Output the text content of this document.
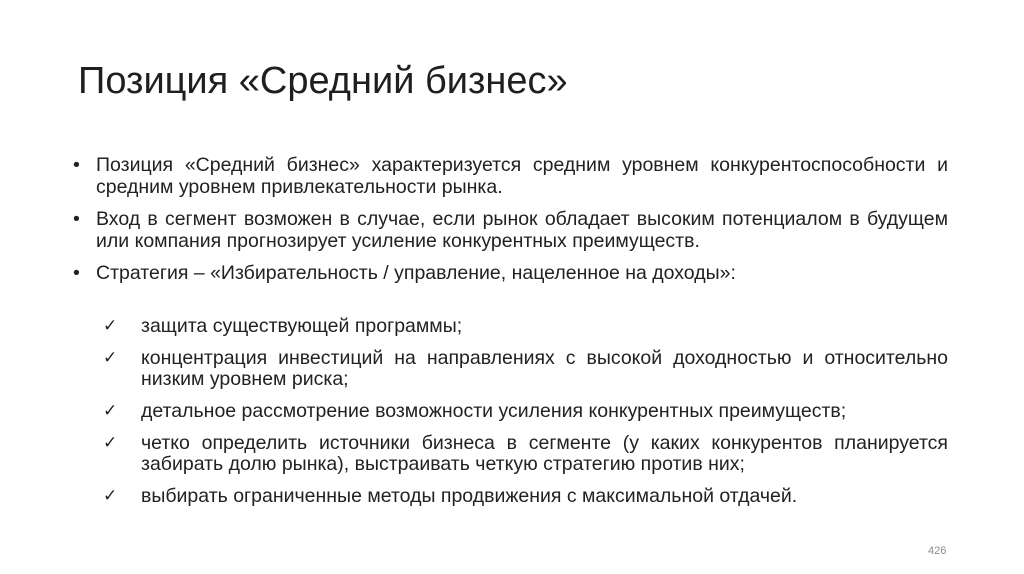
Позиция «Средний бизнес»
• Позиция «Средний бизнес» характеризуется средним уровнем конкурентоспособности и средним уровнем привлекательности рынка.
• Вход в сегмент возможен в случае, если рынок обладает высоким потенциалом в будущем или компания прогнозирует усиление конкурентных преимуществ.
• Стратегия – «Избирательность / управление, нацеленное на доходы»:
✓ защита существующей программы;
✓ концентрация инвестиций на направлениях с высокой доходностью и относительно низким уровнем риска;
✓ детальное рассмотрение возможности усиления конкурентных преимуществ;
✓ четко определить источники бизнеса в сегменте (у каких конкурентов планируется забирать долю рынка), выстраивать четкую стратегию против них;
✓ выбирать ограниченные методы продвижения с максимальной отдачей.
426
